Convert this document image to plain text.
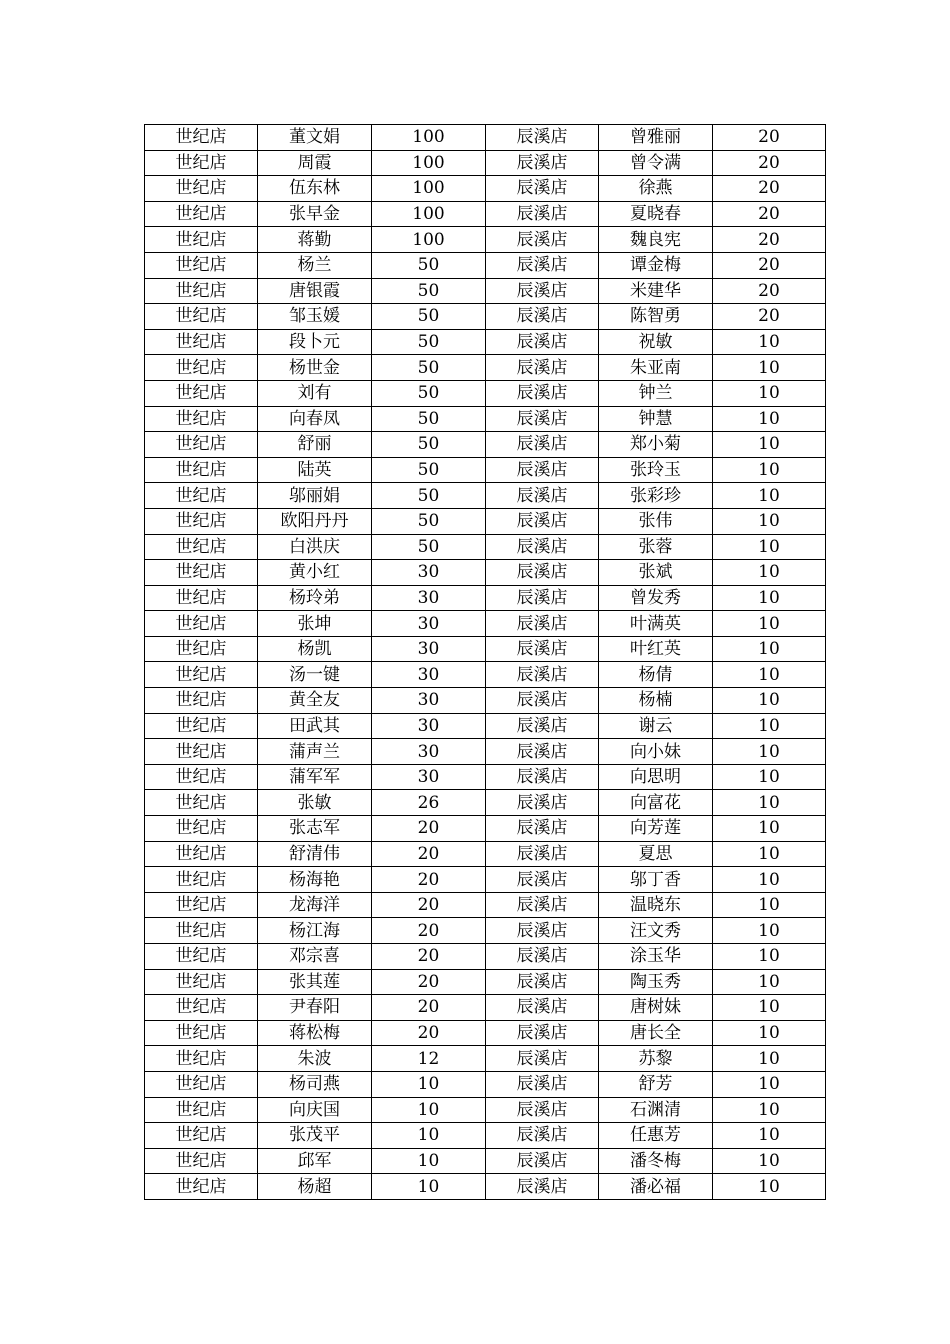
世纪店	董文娟	100	辰溪店	曾雅丽	20
世纪店	周霞	100	辰溪店	曾令满	20
世纪店	伍东林	100	辰溪店	徐燕	20
世纪店	张早金	100	辰溪店	夏晓春	20
世纪店	蒋勤	100	辰溪店	魏良宪	20
世纪店	杨兰	50	辰溪店	谭金梅	20
世纪店	唐银霞	50	辰溪店	米建华	20
世纪店	邹玉媛	50	辰溪店	陈智勇	20
世纪店	段卜元	50	辰溪店	祝敏	10
世纪店	杨世金	50	辰溪店	朱亚南	10
世纪店	刘有	50	辰溪店	钟兰	10
世纪店	向春凤	50	辰溪店	钟慧	10
世纪店	舒丽	50	辰溪店	郑小菊	10
世纪店	陆英	50	辰溪店	张玲玉	10
世纪店	邬丽娟	50	辰溪店	张彩珍	10
世纪店	欧阳丹丹	50	辰溪店	张伟	10
世纪店	白洪庆	50	辰溪店	张蓉	10
世纪店	黄小红	30	辰溪店	张斌	10
世纪店	杨玲弟	30	辰溪店	曾发秀	10
世纪店	张坤	30	辰溪店	叶满英	10
世纪店	杨凯	30	辰溪店	叶红英	10
世纪店	汤一键	30	辰溪店	杨倩	10
世纪店	黄全友	30	辰溪店	杨楠	10
世纪店	田武其	30	辰溪店	谢云	10
世纪店	蒲声兰	30	辰溪店	向小妹	10
世纪店	蒲军军	30	辰溪店	向思明	10
世纪店	张敏	26	辰溪店	向富花	10
世纪店	张志军	20	辰溪店	向芳莲	10
世纪店	舒清伟	20	辰溪店	夏思	10
世纪店	杨海艳	20	辰溪店	邬丁香	10
世纪店	龙海洋	20	辰溪店	温晓东	10
世纪店	杨江海	20	辰溪店	汪文秀	10
世纪店	邓宗喜	20	辰溪店	涂玉华	10
世纪店	张其莲	20	辰溪店	陶玉秀	10
世纪店	尹春阳	20	辰溪店	唐树妹	10
世纪店	蒋松梅	20	辰溪店	唐长全	10
世纪店	朱波	12	辰溪店	苏黎	10
世纪店	杨司燕	10	辰溪店	舒芳	10
世纪店	向庆国	10	辰溪店	石渊清	10
世纪店	张茂平	10	辰溪店	任惠芳	10
世纪店	邱军	10	辰溪店	潘冬梅	10
世纪店	杨超	10	辰溪店	潘必福	10
